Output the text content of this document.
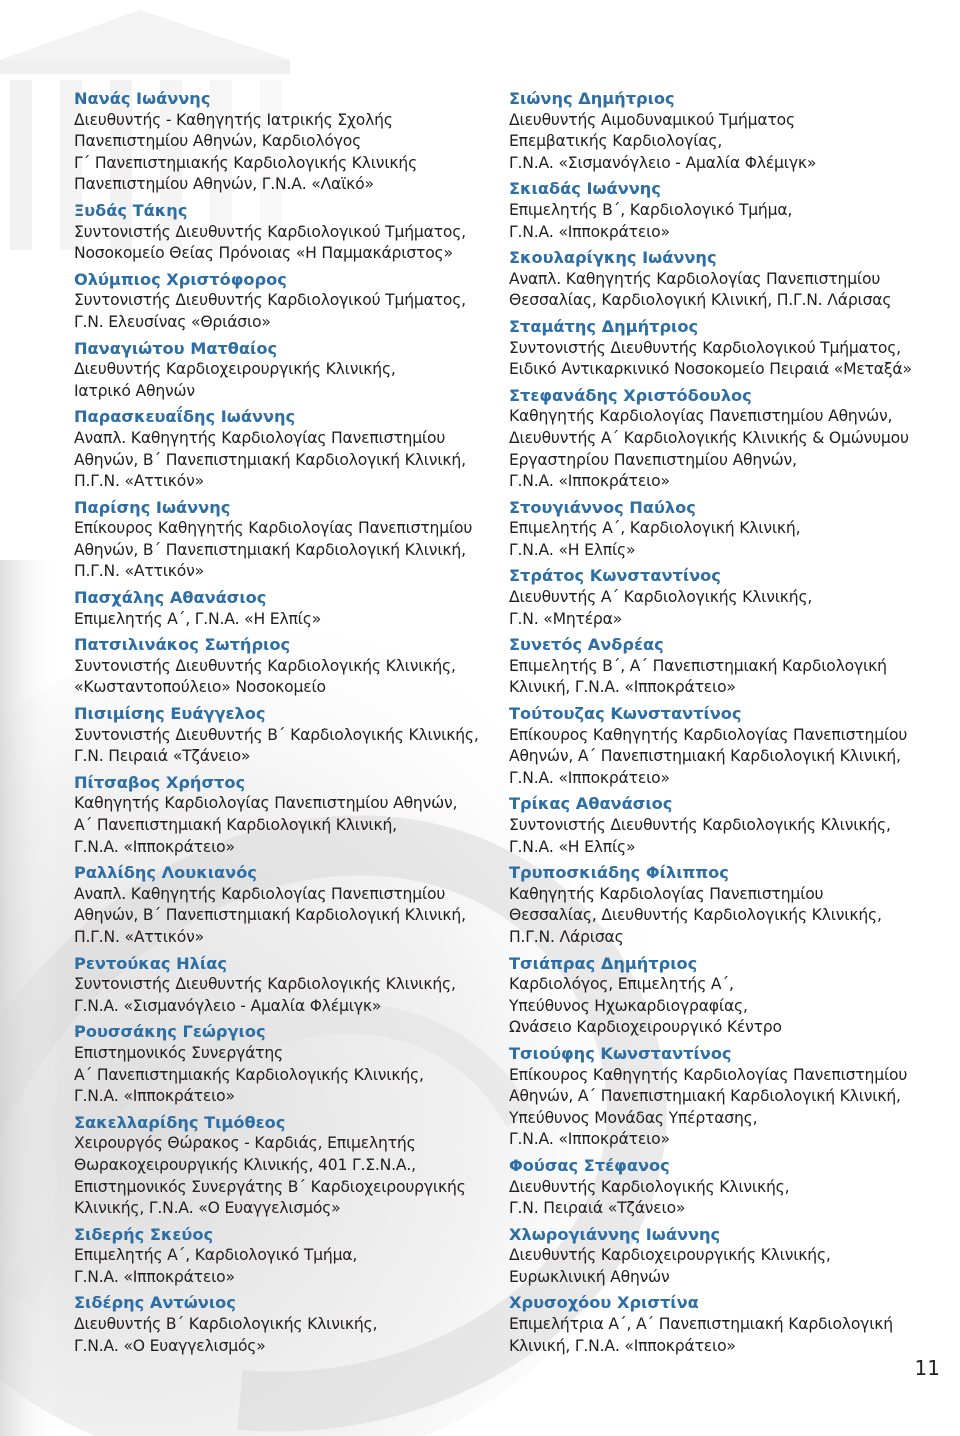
Νανάς Ιωάννης
Διευθυντής - Καθηγητής Ιατρικής Σχολής
Πανεπιστημίου Αθηνών, Καρδιολόγος
Γ΄ Πανεπιστημιακής Καρδιολογικής Κλινικής
Πανεπιστημίου Αθηνών, Γ.Ν.Α. «Λαϊκό»
Ξυδάς Τάκης
Συντονιστής Διευθυντής Καρδιολογικού Τμήματος,
Νοσοκομείο Θείας Πρόνοιας «Η Παμμακάριστος»
Ολύμπιος Χριστόφορος
Συντονιστής Διευθυντής Καρδιολογικού Τμήματος,
Γ.Ν. Ελευσίνας «Θριάσιο»
Παναγιώτου Ματθαίος
Διευθυντής Καρδιοχειρουργικής Κλινικής,
Ιατρικό Αθηνών
Παρασκευαΐδης Ιωάννης
Αναπλ. Καθηγητής Καρδιολογίας Πανεπιστημίου
Αθηνών, Β΄ Πανεπιστημιακή Καρδιολογική Κλινική,
Π.Γ.Ν. «Αττικόν»
Παρίσης Ιωάννης
Επίκουρος Καθηγητής Καρδιολογίας Πανεπιστημίου
Αθηνών, Β΄ Πανεπιστημιακή Καρδιολογική Κλινική,
Π.Γ.Ν. «Αττικόν»
Πασχάλης Αθανάσιος
Επιμελητής Α΄, Γ.Ν.Α. «Η Ελπίς»
Πατσιλινάκος Σωτήριος
Συντονιστής Διευθυντής Καρδιολογικής Κλινικής,
«Κωσταντοπούλειο» Νοσοκομείο
Πισιμίσης Ευάγγελος
Συντονιστής Διευθυντής Β΄ Καρδιολογικής Κλινικής,
Γ.Ν. Πειραιά «Τζάνειο»
Πίτσαβος Χρήστος
Καθηγητής Καρδιολογίας Πανεπιστημίου Αθηνών,
Α΄ Πανεπιστημιακή Καρδιολογική Κλινική,
Γ.Ν.Α. «Ιπποκράτειο»
Ραλλίδης Λουκιανός
Αναπλ. Καθηγητής Καρδιολογίας Πανεπιστημίου
Αθηνών, Β΄ Πανεπιστημιακή Καρδιολογική Κλινική,
Π.Γ.Ν. «Αττικόν»
Ρεντούκας Ηλίας
Συντονιστής Διευθυντής Καρδιολογικής Κλινικής,
Γ.Ν.Α. «Σισμανόγλειο - Αμαλία Φλέμιγκ»
Ρουσσάκης Γεώργιος
Επιστημονικός Συνεργάτης
Α΄ Πανεπιστημιακής Καρδιολογικής Κλινικής,
Γ.Ν.Α. «Ιπποκράτειο»
Σακελλαρίδης Τιμόθεος
Χειρουργός Θώρακος - Καρδιάς, Επιμελητής
Θωρακοχειρουργικής Κλινικής, 401 Γ.Σ.Ν.Α.,
Επιστημονικός Συνεργάτης Β΄ Καρδιοχειρουργικής
Κλινικής, Γ.Ν.Α. «Ο Ευαγγελισμός»
Σιδερής Σκεύος
Επιμελητής Α΄, Καρδιολογικό Τμήμα,
Γ.Ν.Α. «Ιπποκράτειο»
Σιδέρης Αντώνιος
Διευθυντής Β΄ Καρδιολογικής Κλινικής,
Γ.Ν.Α. «Ο Ευαγγελισμός»
Σιώνης Δημήτριος
Διευθυντής Αιμοδυναμικού Τμήματος
Επεμβατικής Καρδιολογίας,
Γ.Ν.Α. «Σισμανόγλειο - Αμαλία Φλέμιγκ»
Σκιαδάς Ιωάννης
Επιμελητής Β΄, Καρδιολογικό Τμήμα,
Γ.Ν.Α. «Ιπποκράτειο»
Σκουλαρίγκης Ιωάννης
Αναπλ. Καθηγητής Καρδιολογίας Πανεπιστημίου
Θεσσαλίας, Καρδιολογική Κλινική, Π.Γ.Ν. Λάρισας
Σταμάτης Δημήτριος
Συντονιστής Διευθυντής Καρδιολογικού Τμήματος,
Ειδικό Αντικαρκινικό Νοσοκομείο Πειραιά «Μεταξά»
Στεφανάδης Χριστόδουλος
Καθηγητής Καρδιολογίας Πανεπιστημίου Αθηνών,
Διευθυντής Α΄ Καρδιολογικής Κλινικής & Ομώνυμου
Εργαστηρίου Πανεπιστημίου Αθηνών,
Γ.Ν.Α. «Ιπποκράτειο»
Στουγιάννος Παύλος
Επιμελητής Α΄, Καρδιολογική Κλινική,
Γ.Ν.Α. «Η Ελπίς»
Στράτος Κωνσταντίνος
Διευθυντής Α΄ Καρδιολογικής Κλινικής,
Γ.Ν. «Μητέρα»
Συνετός Ανδρέας
Επιμελητής Β΄, Α΄ Πανεπιστημιακή Καρδιολογική
Κλινική, Γ.Ν.Α. «Ιπποκράτειο»
Τούτουζας Κωνσταντίνος
Επίκουρος Καθηγητής Καρδιολογίας Πανεπιστημίου
Αθηνών, Α΄ Πανεπιστημιακή Καρδιολογική Κλινική,
Γ.Ν.Α. «Ιπποκράτειο»
Τρίκας Αθανάσιος
Συντονιστής Διευθυντής Καρδιολογικής Κλινικής,
Γ.Ν.Α. «Η Ελπίς»
Τρυποσκιάδης Φίλιππος
Καθηγητής Καρδιολογίας Πανεπιστημίου
Θεσσαλίας, Διευθυντής Καρδιολογικής Κλινικής,
Π.Γ.Ν. Λάρισας
Τσιάπρας Δημήτριος
Καρδιολόγος, Επιμελητής Α΄,
Υπεύθυνος Ηχωκαρδιογραφίας,
Ωνάσειο Καρδιοχειρουργικό Κέντρο
Τσιούφης Κωνσταντίνος
Επίκουρος Καθηγητής Καρδιολογίας Πανεπιστημίου
Αθηνών, Α΄ Πανεπιστημιακή Καρδιολογική Κλινική,
Υπεύθυνος Μονάδας Υπέρτασης,
Γ.Ν.Α. «Ιπποκράτειο»
Φούσας Στέφανος
Διευθυντής Καρδιολογικής Κλινικής,
Γ.Ν. Πειραιά «Τζάνειο»
Χλωρογιάννης Ιωάννης
Διευθυντής Καρδιοχειρουργικής Κλινικής,
Ευρωκλινική Αθηνών
Χρυσοχόου Χριστίνα
Επιμελήτρια Α΄, Α΄ Πανεπιστημιακή Καρδιολογική
Κλινική, Γ.Ν.Α. «Ιπποκράτειο»
11
